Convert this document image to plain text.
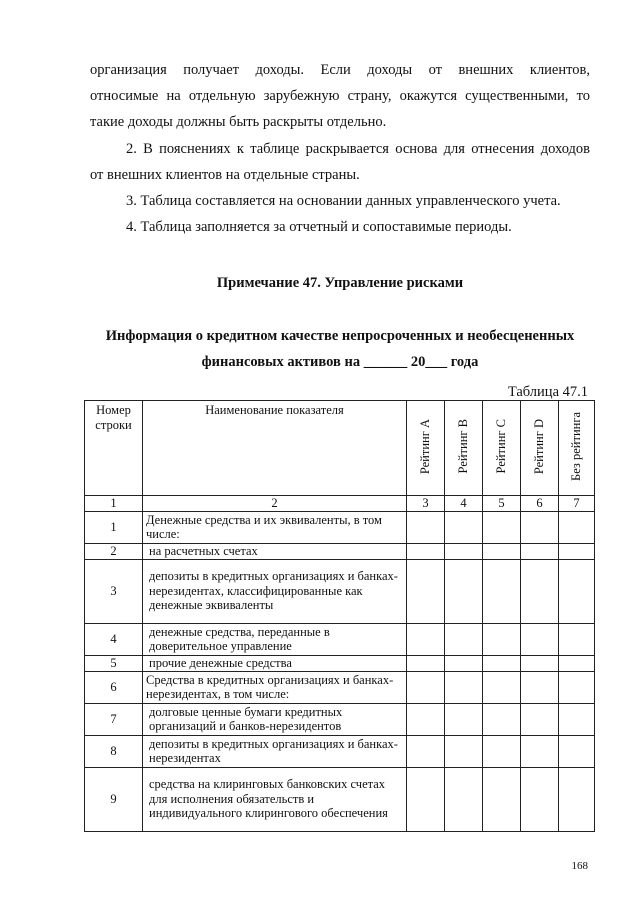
организация получает доходы. Если доходы от внешних клиентов,
относимые на отдельную зарубежную страну, окажутся существенными, то
такие доходы должны быть раскрыты отдельно.
2. В пояснениях к таблице раскрывается основа для отнесения доходов
от внешних клиентов на отдельные страны.
3. Таблица составляется на основании данных управленческого учета.
4. Таблица заполняется за отчетный и сопоставимые периоды.
Примечание 47. Управление рисками
Информация о кредитном качестве непросроченных и необесцененных
финансовых активов на ______ 20___ года
Таблица 47.1
Номер строки	Наименование показателя	Рейтинг A	Рейтинг B	Рейтинг C	Рейтинг D	Без рейтинга
1	2	3	4	5	6	7
1	Денежные средства и их эквиваленты, в том числе:					
2	на расчетных счетах					
3	депозиты в кредитных организациях и банках-нерезидентах, классифицированные как денежные эквиваленты					
4	денежные средства, переданные в доверительное управление					
5	прочие денежные средства					
6	Средства в кредитных организациях и банках-нерезидентах, в том числе:					
7	долговые ценные бумаги кредитных организаций и банков-нерезидентов					
8	депозиты в кредитных организациях и банках-нерезидентах					
9	средства на клиринговых банковских счетах для исполнения обязательств и индивидуального клирингового обеспечения					
168
